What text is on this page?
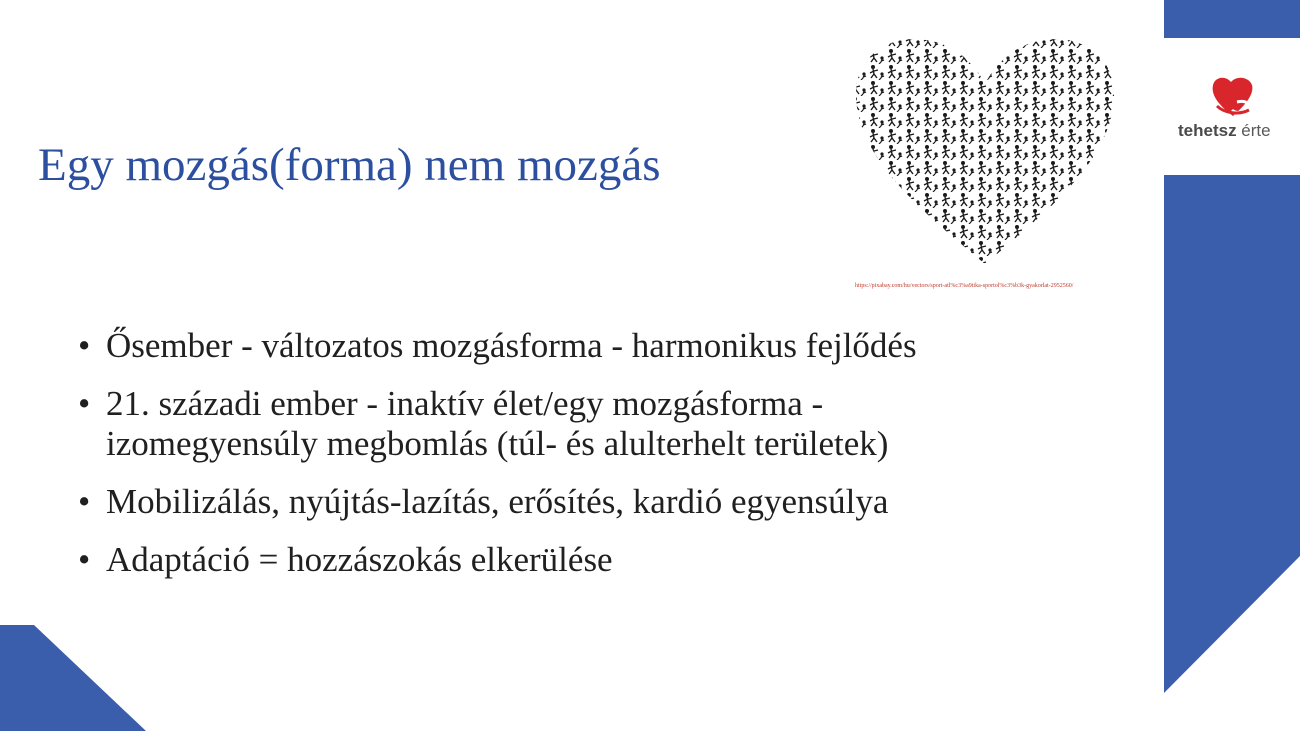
tehetsz érte
Egy mozgás(forma) nem mozgás
https://pixabay.com/hu/vectors/sport-atl%c3%a9tika-sportol%c3%b3k-gyakorlat-2952560/
• Ősember - változatos mozgásforma - harmonikus fejlődés
• 21. századi ember - inaktív élet/egy mozgásforma -
izomegyensúly megbomlás (túl- és alulterhelt területek)
• Mobilizálás, nyújtás-lazítás, erősítés, kardió egyensúlya
• Adaptáció = hozzászokás elkerülése
